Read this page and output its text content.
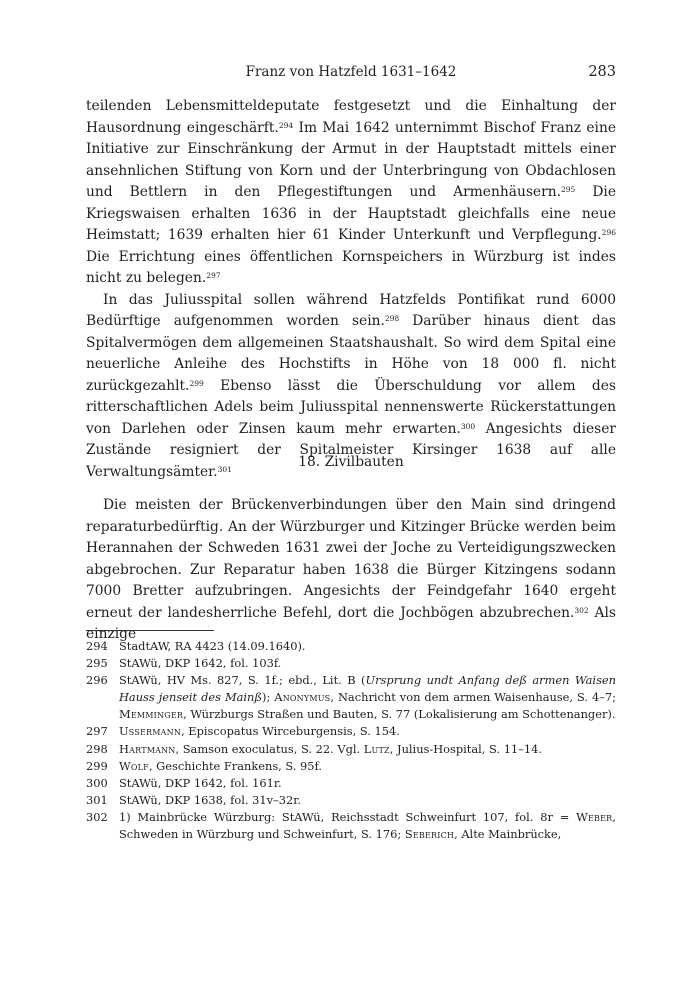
Franz von Hatzfeld 1631–1642	283

teilenden Lebensmitteldeputate festgesetzt und die Einhaltung der Hausordnung eingeschärft.$^{294}$ Im Mai 1642 unternimmt Bischof Franz eine Initiative zur Einschränkung der Armut in der Hauptstadt mittels einer ansehnlichen Stiftung von Korn und der Unterbringung von Obdachlosen und Bettlern in den Pflegestiftungen und Armenhäusern.$^{295}$ Die Kriegswaisen erhalten 1636 in der Hauptstadt gleichfalls eine neue Heimstatt; 1639 erhalten hier 61 Kinder Unterkunft und Verpflegung.$^{296}$ Die Errichtung eines öffentlichen Kornspeichers in Würzburg ist indes nicht zu belegen.$^{297}$

In das Juliusspital sollen während Hatzfelds Pontifikat rund 6000 Bedürftige aufgenommen worden sein.$^{298}$ Darüber hinaus dient das Spitalvermögen dem allgemeinen Staatshaushalt. So wird dem Spital eine neuerliche Anleihe des Hochstifts in Höhe von 18 000 fl. nicht zurückgezahlt.$^{299}$ Ebenso lässt die Überschuldung vor allem des ritterschaftlichen Adels beim Juliusspital nennenswerte Rückerstattungen von Darlehen oder Zinsen kaum mehr erwarten.$^{300}$ Angesichts dieser Zustände resigniert der Spitalmeister Kirsinger 1638 auf alle Verwaltungsämter.$^{301}$	18. Zivilbauten

Die meisten der Brückenverbindungen über den Main sind dringend reparaturbedürftig. An der Würzburger und Kitzinger Brücke werden beim Herannahen der Schweden 1631 zwei der Joche zu Verteidigungszwecken abgebrochen. Zur Reparatur haben 1638 die Bürger Kitzingens sodann 7000 Bretter aufzubringen. Angesichts der Feindgefahr 1640 ergeht erneut der landesherrliche Befehl, dort die Jochbögen abzubrechen.$^{302}$ Als einzige

294 StadtAW, RA 4423 (14.09.1640).
295 StAWü, DKP 1642, fol. 103f.
296 StAWü, HV Ms. 827, S. 1f.; ebd., Lit. B (Ursprung undt Anfang deß armen Waisen Hauss jenseit des Mainß); Anonymus, Nachricht von dem armen Waisenhause, S. 4–7; Memminger, Würzburgs Straßen und Bauten, S. 77 (Lokalisierung am Schottenanger).
297 Ussermann, Episcopatus Wirceburgensis, S. 154.
298 Hartmann, Samson exoculatus, S. 22. Vgl. Lutz, Julius-Hospital, S. 11–14.
299 Wolf, Geschichte Frankens, S. 95f.
300 StAWü, DKP 1642, fol. 161r.
301 StAWü, DKP 1638, fol. 31v–32r.
302 1) Mainbrücke Würzburg: StAWü, Reichsstadt Schweinfurt 107, fol. 8r = Weber, Schweden in Würzburg und Schweinfurt, S. 176; Seberich, Alte Mainbrücke,
